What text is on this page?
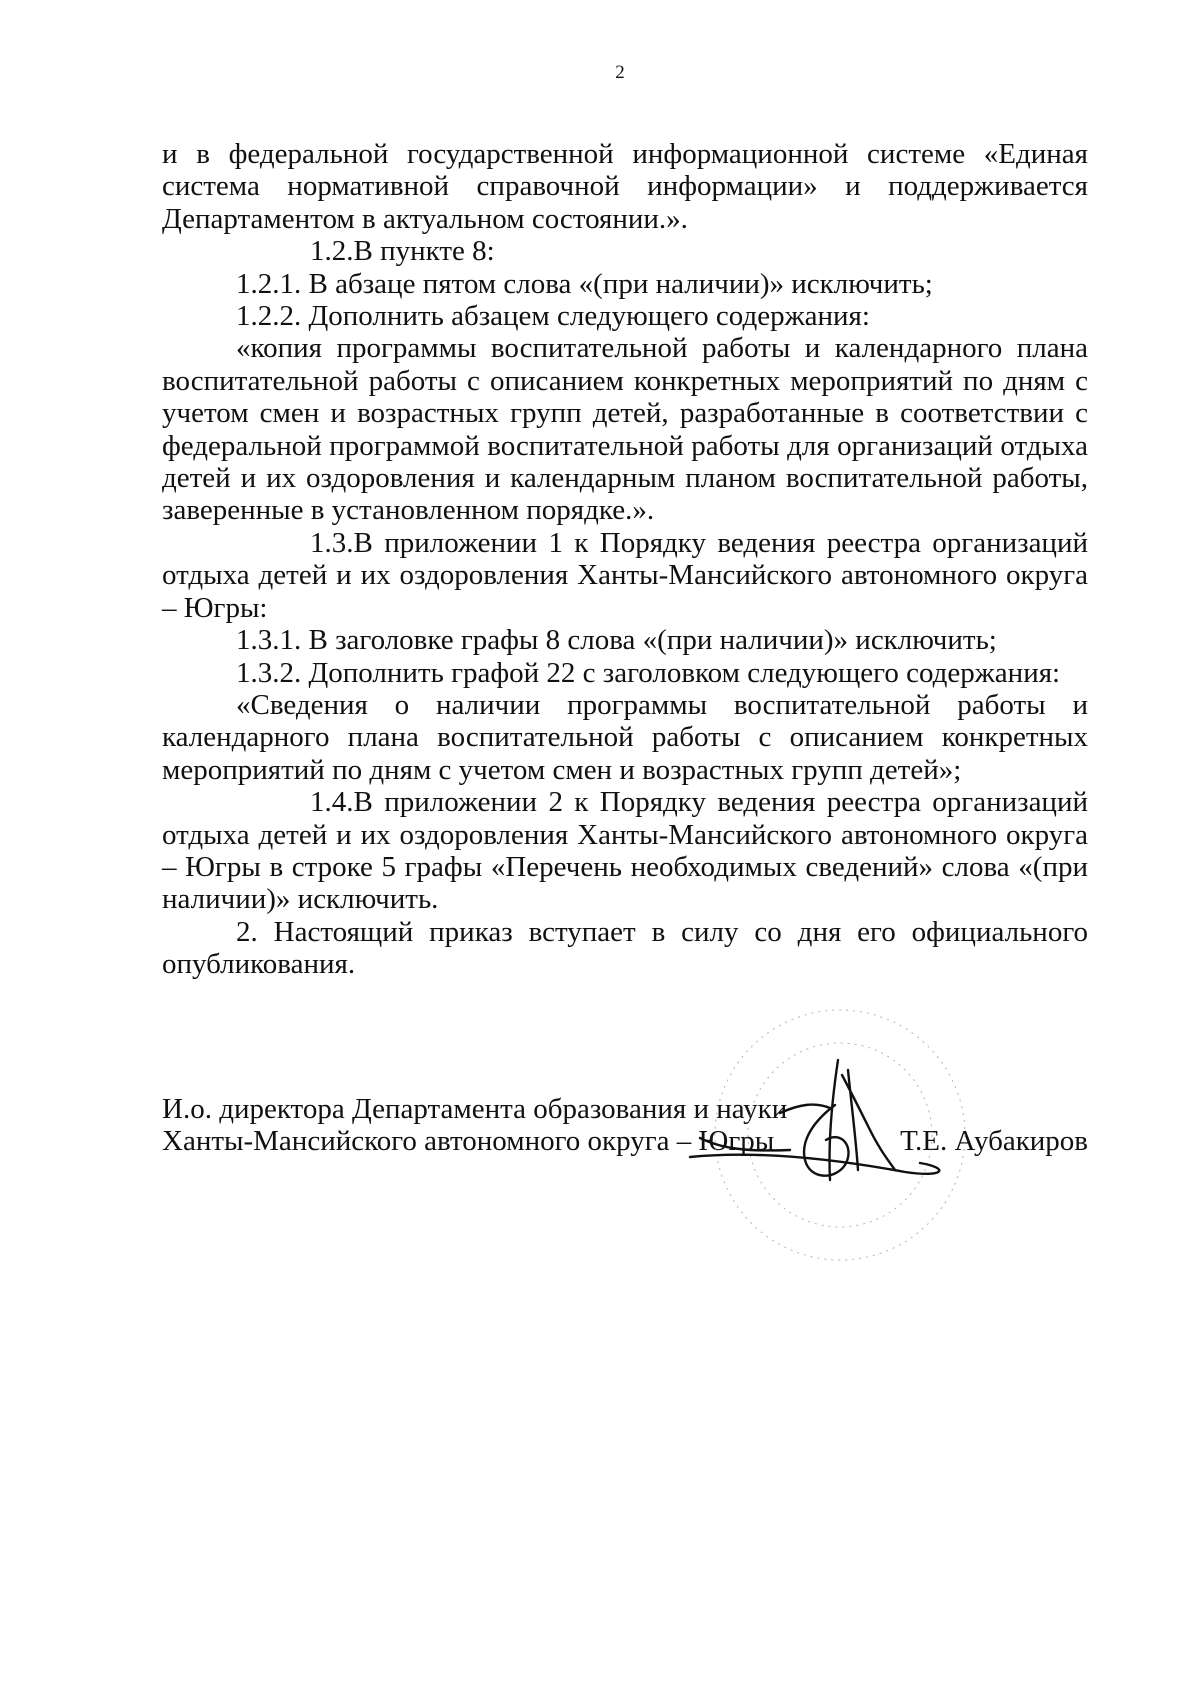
2

и в федеральной государственной информационной системе «Единая система нормативной справочной информации» и поддерживается Департаментом в актуальном состоянии.».

1.2.В пункте 8:

1.2.1. В абзаце пятом слова «(при наличии)» исключить;

1.2.2. Дополнить абзацем следующего содержания:

«копия программы воспитательной работы и календарного плана воспитательной работы с описанием конкретных мероприятий по дням с учетом смен и возрастных групп детей, разработанные в соответствии с федеральной программой воспитательной работы для организаций отдыха детей и их оздоровления и календарным планом воспитательной работы, заверенные в установленном порядке.».

1.3.В приложении 1 к Порядку ведения реестра организаций отдыха детей и их оздоровления Ханты-Мансийского автономного округа – Югры:

1.3.1. В заголовке графы 8 слова «(при наличии)» исключить;

1.3.2. Дополнить графой 22 с заголовком следующего содержания:

«Сведения о наличии программы воспитательной работы и календарного плана воспитательной работы с описанием конкретных мероприятий по дням с учетом смен и возрастных групп детей»;

1.4.В приложении 2 к Порядку ведения реестра организаций отдыха детей и их оздоровления Ханты-Мансийского автономного округа – Югры в строке 5 графы «Перечень необходимых сведений» слова «(при наличии)» исключить.

2. Настоящий приказ вступает в силу со дня его официального опубликования.

И.о. директора Департамента образования и науки
Ханты-Мансийского автономного округа – Югры	Т.Е. Аубакиров
